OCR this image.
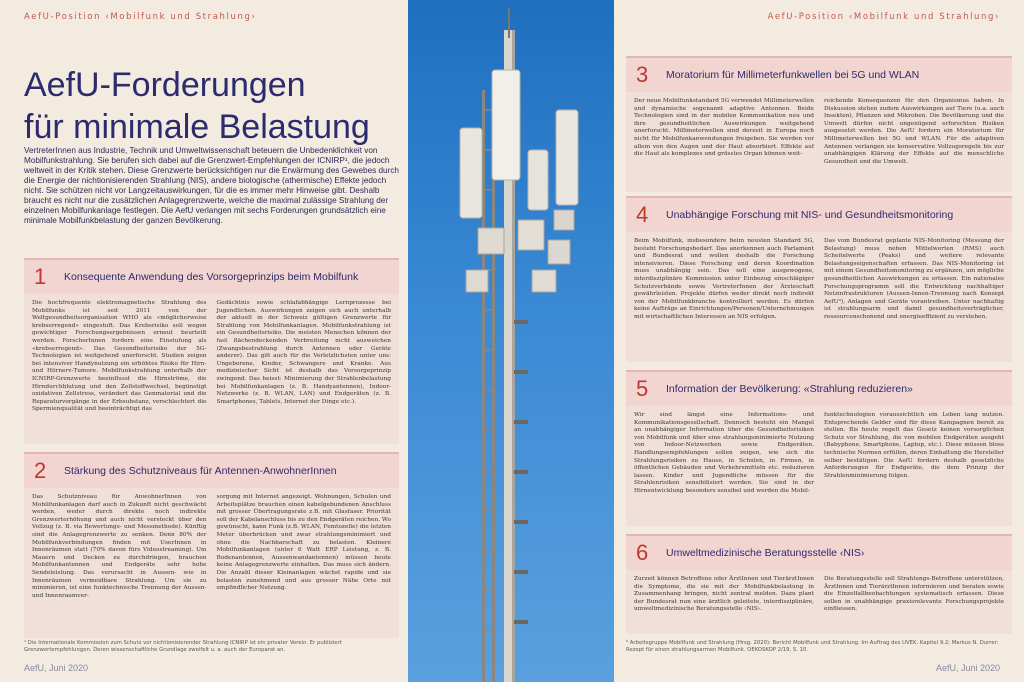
AefU-Position ‹Mobilfunk und Strahlung›
AefU-Forderungen
für minimale Belastung
VertreterInnen aus Industrie, Technik und Umweltwissenschaft beteuern die Unbedenklichkeit von Mobilfunkstrahlung. Sie berufen sich dabei auf die Grenzwert-Empfehlungen der ICNIRP¹, die jedoch weltweit in der Kritik stehen. Diese Grenzwerte berücksichtigen nur die Erwärmung des Gewebes durch die Energie der nichtionisierenden Strahlung (NIS), andere biologische (athermische) Effekte jedoch nicht. Sie schützen nicht vor Langzeitauswirkungen, für die es immer mehr Hinweise gibt. Deshalb braucht es nicht nur die zusätzlichen Anlagegrenzwerte, welche die maximal zulässige Strahlung der einzelnen Mobilfunkanlage festlegen. Die AefU verlangen mit sechs Forderungen grundsätzlich eine minimale Mobilfunkbelastung der ganzen Bevölkerung.
1	Konsequente Anwendung des Vorsorgeprinzips beim Mobilfunk
Die hochfrequente elektromagnetische Strahlung des Mobilfunks ist seit 2011 von der Weltgesundheitsorganisation WHO als «möglicherweise krebserregend» eingestuft. Das Krebsrisiko soll wegen gewichtiger Forschungsergebnissen erneut beurteilt werden. ForscherInnen fordern eine Einstufung als «krebserregend». Das Gesundheitsrisiko der 5G-Technologien ist weitgehend unerforscht. Studien zeigen bei intensiver Handynutzung ein erhöhtes Risiko für Hirn- und Hörnerv-Tumore. Mobilfunkstrahlung unterhalb der ICNIRP-Grenzwerte beeinflusst die Hirnströme, die Hirndurchblutung und den Zellstoffwechsel, begünstigt oxidativen Zellstress, verändert das Genmaterial und die Reparaturvorgänge in der Erbsubstanz, verschlechtert die Spermienqualität und beeinträchtigt das
Gedächtnis sowie schlafabhängige Lernprozesse bei Jugendlichen. Auswirkungen zeigen sich auch unterhalb der aktuell in der Schweiz gültigen Grenzwerte für Strahlung von Mobilfunkanlagen. Mobilfunkstrahlung ist ein Gesundheitsrisiko. Die meisten Menschen können der fast flächendeckenden Verbreitung nicht ausweichen (Zwangsbestrahlung durch Antennen oder Geräte anderer). Das gilt auch für die Verletzlichsten unter uns: Ungeborene, Kinder, Schwangere und Kranke. Aus medizinischer Sicht ist deshalb das Vorsorgeprinzip zwingend. Das heisst: Minimierung der Strahlenbelastung bei Mobilfunkanlagen (z. B. Handyantennen), Indoor-Netzwerke (z. B. WLAN, LAN) und Endgeräten (z. B. Smartphones, Tablets, Internet der Dinge etc.).
2	Stärkung des Schutzniveaus für Antennen-AnwohnerInnen
Das Schutzniveau für AnwohnerInnen von Mobilfunkanlagen darf auch in Zukunft nicht geschwächt werden, weder durch direkte noch indirekte Grenzwerterhöhung und auch nicht versteckt über den Vollzug (z. B. via Bewertungs- und Messmethode). Künftig sind die Anlagegrenzwerte zu senken. Denn 80% der Mobilfunkverbindungen finden mit UserInnen in Innenräumen statt (70% davon fürs Videostreaming). Um Mauern und Decken zu durchdringen, brauchen Mobilfunkantennen und Endgeräte sehr hohe Sendeleistung. Das verursacht in Aussen- wie in Innenräumen vermeidbare Strahlung. Um sie zu minimieren, ist eine funktechnische Trennung der Aussen- und Innenraumver-
sorgung mit Internet angezeigt. Wohnungen, Schulen und Arbeitsplätze brauchen einen kabelgebundenen Anschluss mit grosser Übertragungsrate z.B. mit Glasfaser. Priorität soll der Kabelanschluss bis zu den Endgeräten reichen. Wo gewünscht, kann Funk (z.B. WLAN, Femtozelle) die letzten Meter überbrücken und zwar strahlungsminimiert und ohne die Nachbarschaft zu belasten. Kleinere Mobilfunkanlagen (unter 6 Watt ERP Leistung, z. B. Bodenantennen, Aussenwandantennen) müssen heute keine Anlagegrenzwerte einhalten. Das muss sich ändern. Die Anzahl dieser Kleinanlagen wächst rapide und sie belasten zunehmend und aus grosser Nähe Orte mit empfindlicher Nutzung.
¹ Die Internationale Kommission zum Schutz vor nichtionisierender Strahlung ICNIRP ist ein privater Verein. Er publiziert Grenzwertempfehlungen. Deren wissenschaftliche Grundlage zweifelt u. a. auch der Europarat an.
AefU, Juni 2020
AefU-Position ‹Mobilfunk und Strahlung›
3	Moratorium für Millimeterfunkwellen bei 5G und WLAN
Der neue Mobilfunkstandard 5G verwendet Millimeterwellen und dynamische sogenannt adaptive Antennen. Beide Technologien sind in der mobilen Kommunikation neu und ihre gesundheitlichen Auswirkungen weitgehend unerforscht. Millimeterwellen sind derzeit in Europa noch nicht für Mobilfunkanwendungen freigeben. Sie werden vor allem von den Augen und der Haut absorbiert. Effekte auf die Haut als komplexes und grösstes Organ können weit-
reichende Konsequenzen für den Organismus haben. In Diskussion stehen zudem Auswirkungen auf Tiere (u.a. auch Insekten), Pflanzen und Mikroben. Die Bevölkerung und die Umwelt dürfen nicht ungenügend erforschten Risiken ausgesetzt werden. Die AefU fordern ein Moratorium für Millimeterwellen bei 5G und WLAN. Für die adaptiven Antennen verlangen sie konservative Vollzugsregeln bis zur unabhängigen Klärung der Effekte auf die menschliche Gesundheit und die Umwelt.
4	Unabhängige Forschung mit NIS- und Gesundheitsmonitoring
Beim Mobilfunk, insbesondere beim neusten Standard 5G, besteht Forschungsbedarf. Das anerkennen auch Parlament und Bundesrat und wollen deshalb die Forschung intensivieren. Diese Forschung und deren Koordination muss unabhängig sein. Das soll eine ausgewogene, interdisziplinäre Kommission unter Einbezug einschlägiger Schutzverbände sowie VertreterInnen der Ärzteschaft gewährleisten. Projekte dürfen weder direkt noch indirekt von der Mobilfunkbranche kontrolliert werden. Es dürfen keine Aufträge an Einrichtungen/Personen/Unternehmungen mit wirtschaftlichen Interessen an NIS erfolgen.
Das vom Bundesrat geplante NIS-Monitoring (Messung der Belastung) muss neben Mittelwerten (RMS) auch Scheitelwerte (Peaks) und weitere relevante Belastungseigenschaften erfassen. Das NIS-Monitoring ist mit einem Gesundheitsmonitoring zu ergänzen, um mögliche gesundheitlichen Auswirkungen zu erfassen. Ein nationales Forschungsprogramm soll die Entwicklung nachhaltiger Netzinfrastrukturen (Aussen-Innen-Trennung nach Konzept AefU³), Anlagen und Geräte vorantreiben. Unter nachhaltig ist strahlungsarm und damit gesundheitsverträglicher, ressourcenschonend und energieeffizient zu verstehen.
5	Information der Bevölkerung: «Strahlung reduzieren»
Wir sind längst eine Informations- und Kommunikationsgesellschaft. Dennoch besteht ein Mangel an unabhängiger Information über die Gesundheitsrisiken von Mobilfunk und über eine strahlungsminimierte Nutzung von Indoor-Netzwerken sowie Endgeräten. Handlungsempfehlungen sollen zeigen, wie sich die Strahlungsrisiken zu Hause, in Schulen, in Firmen, in öffentlichen Gebäuden und Verkehrsmitteln etc. reduzieren lassen. Kinder und Jugendliche müssen für die Strahlenrisiken sensibilisiert werden. Sie sind in der Hirnentwicklung besonders sensibel und werden die Mobil-
funktechnologien voraussichtlich ein Leben lang nutzen. Entsprechende Gelder sind für diese Kampagnen bereit zu stellen. Bis heute regelt das Gesetz keinen vorsorglichen Schutz vor Strahlung, die von mobilen Endgeräten ausgeht (Babyphone, Smartphone, Laptop, etc.). Diese müssen bloss technische Normen erfüllen, deren Einhaltung die Hersteller selber bestätigen. Die AefU fordern deshalb gesetzliche Anforderungen für Endgeräte, die dem Prinzip der Strahlenminimierung folgen.
6	Umweltmedizinische Beratungsstelle ‹NIS›
Zurzeit können Betroffene oder ÄrztInnen und TierärztInnen die Symptome, die sie mit der Mobilfunkbelastung in Zusammenhang bringen, nicht zentral melden. Dazu plant der Bundesrat nun eine ärztlich geleitete, interdisziplinäre, umweltmedizinische Beratungsstelle ‹NIS›.
Die Beratungsstelle soll Strahlungs-Betroffene unterstützen, ÄrztInnen und TierärztInnen informieren und beraten sowie die Einzelfallbeobachtungen systematisch erfassen. Diese sollen in unabhängige praxisrelevante Forschungsprojekte einfliessen.
² Arbeitsgruppe Mobilfunk und Strahlung (Hrsg. 2020): Bericht Mobilfunk und Strahlung. Im Auftrag des UVEK. Kapitel 9.2; Markus N. Durrer: Rezept für einen strahlungsarmen Mobilfunk. OEKOSKOP 2/19, S. 10.
AefU, Juni 2020
